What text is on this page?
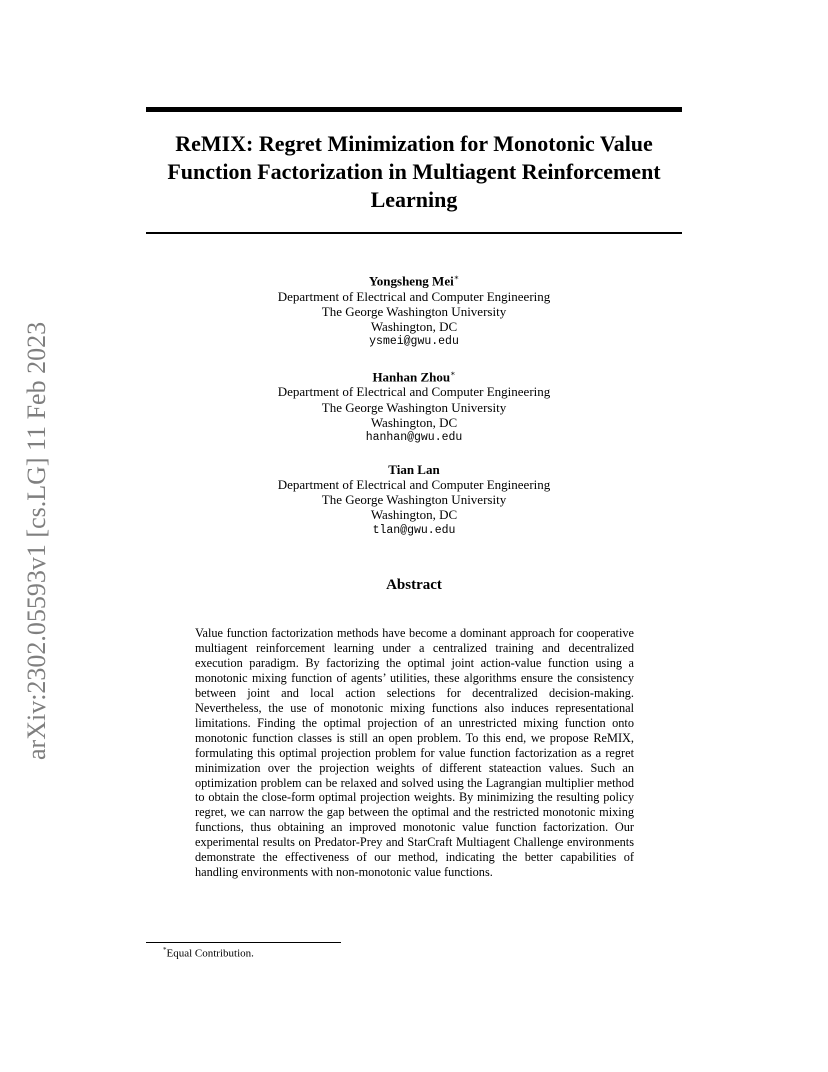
arXiv:2302.05593v1 [cs.LG] 11 Feb 2023
ReMIX: Regret Minimization for Monotonic Value
Function Factorization in Multiagent Reinforcement
Learning
Yongsheng Mei∗
Department of Electrical and Computer Engineering
The George Washington University
Washington, DC
ysmei@gwu.edu
Hanhan Zhou∗
Department of Electrical and Computer Engineering
The George Washington University
Washington, DC
hanhan@gwu.edu
Tian Lan
Department of Electrical and Computer Engineering
The George Washington University
Washington, DC
tlan@gwu.edu
Abstract
Value function factorization methods have become a dominant approach for cooperative multiagent reinforcement learning under a centralized training and decentralized execution paradigm. By factorizing the optimal joint action-value function using a monotonic mixing function of agents’ utilities, these algorithms ensure the consistency between joint and local action selections for decentralized decision-making. Nevertheless, the use of monotonic mixing functions also induces representational limitations. Finding the optimal projection of an unrestricted mixing function onto monotonic function classes is still an open problem. To this end, we propose ReMIX, formulating this optimal projection problem for value function factorization as a regret minimization over the projection weights of different stateaction values. Such an optimization problem can be relaxed and solved using the Lagrangian multiplier method to obtain the close-form optimal projection weights. By minimizing the resulting policy regret, we can narrow the gap between the optimal and the restricted monotonic mixing functions, thus obtaining an improved monotonic value function factorization. Our experimental results on Predator-Prey and StarCraft Multiagent Challenge environments demonstrate the effectiveness of our method, indicating the better capabilities of handling environments with non-monotonic value functions.
*Equal Contribution.
